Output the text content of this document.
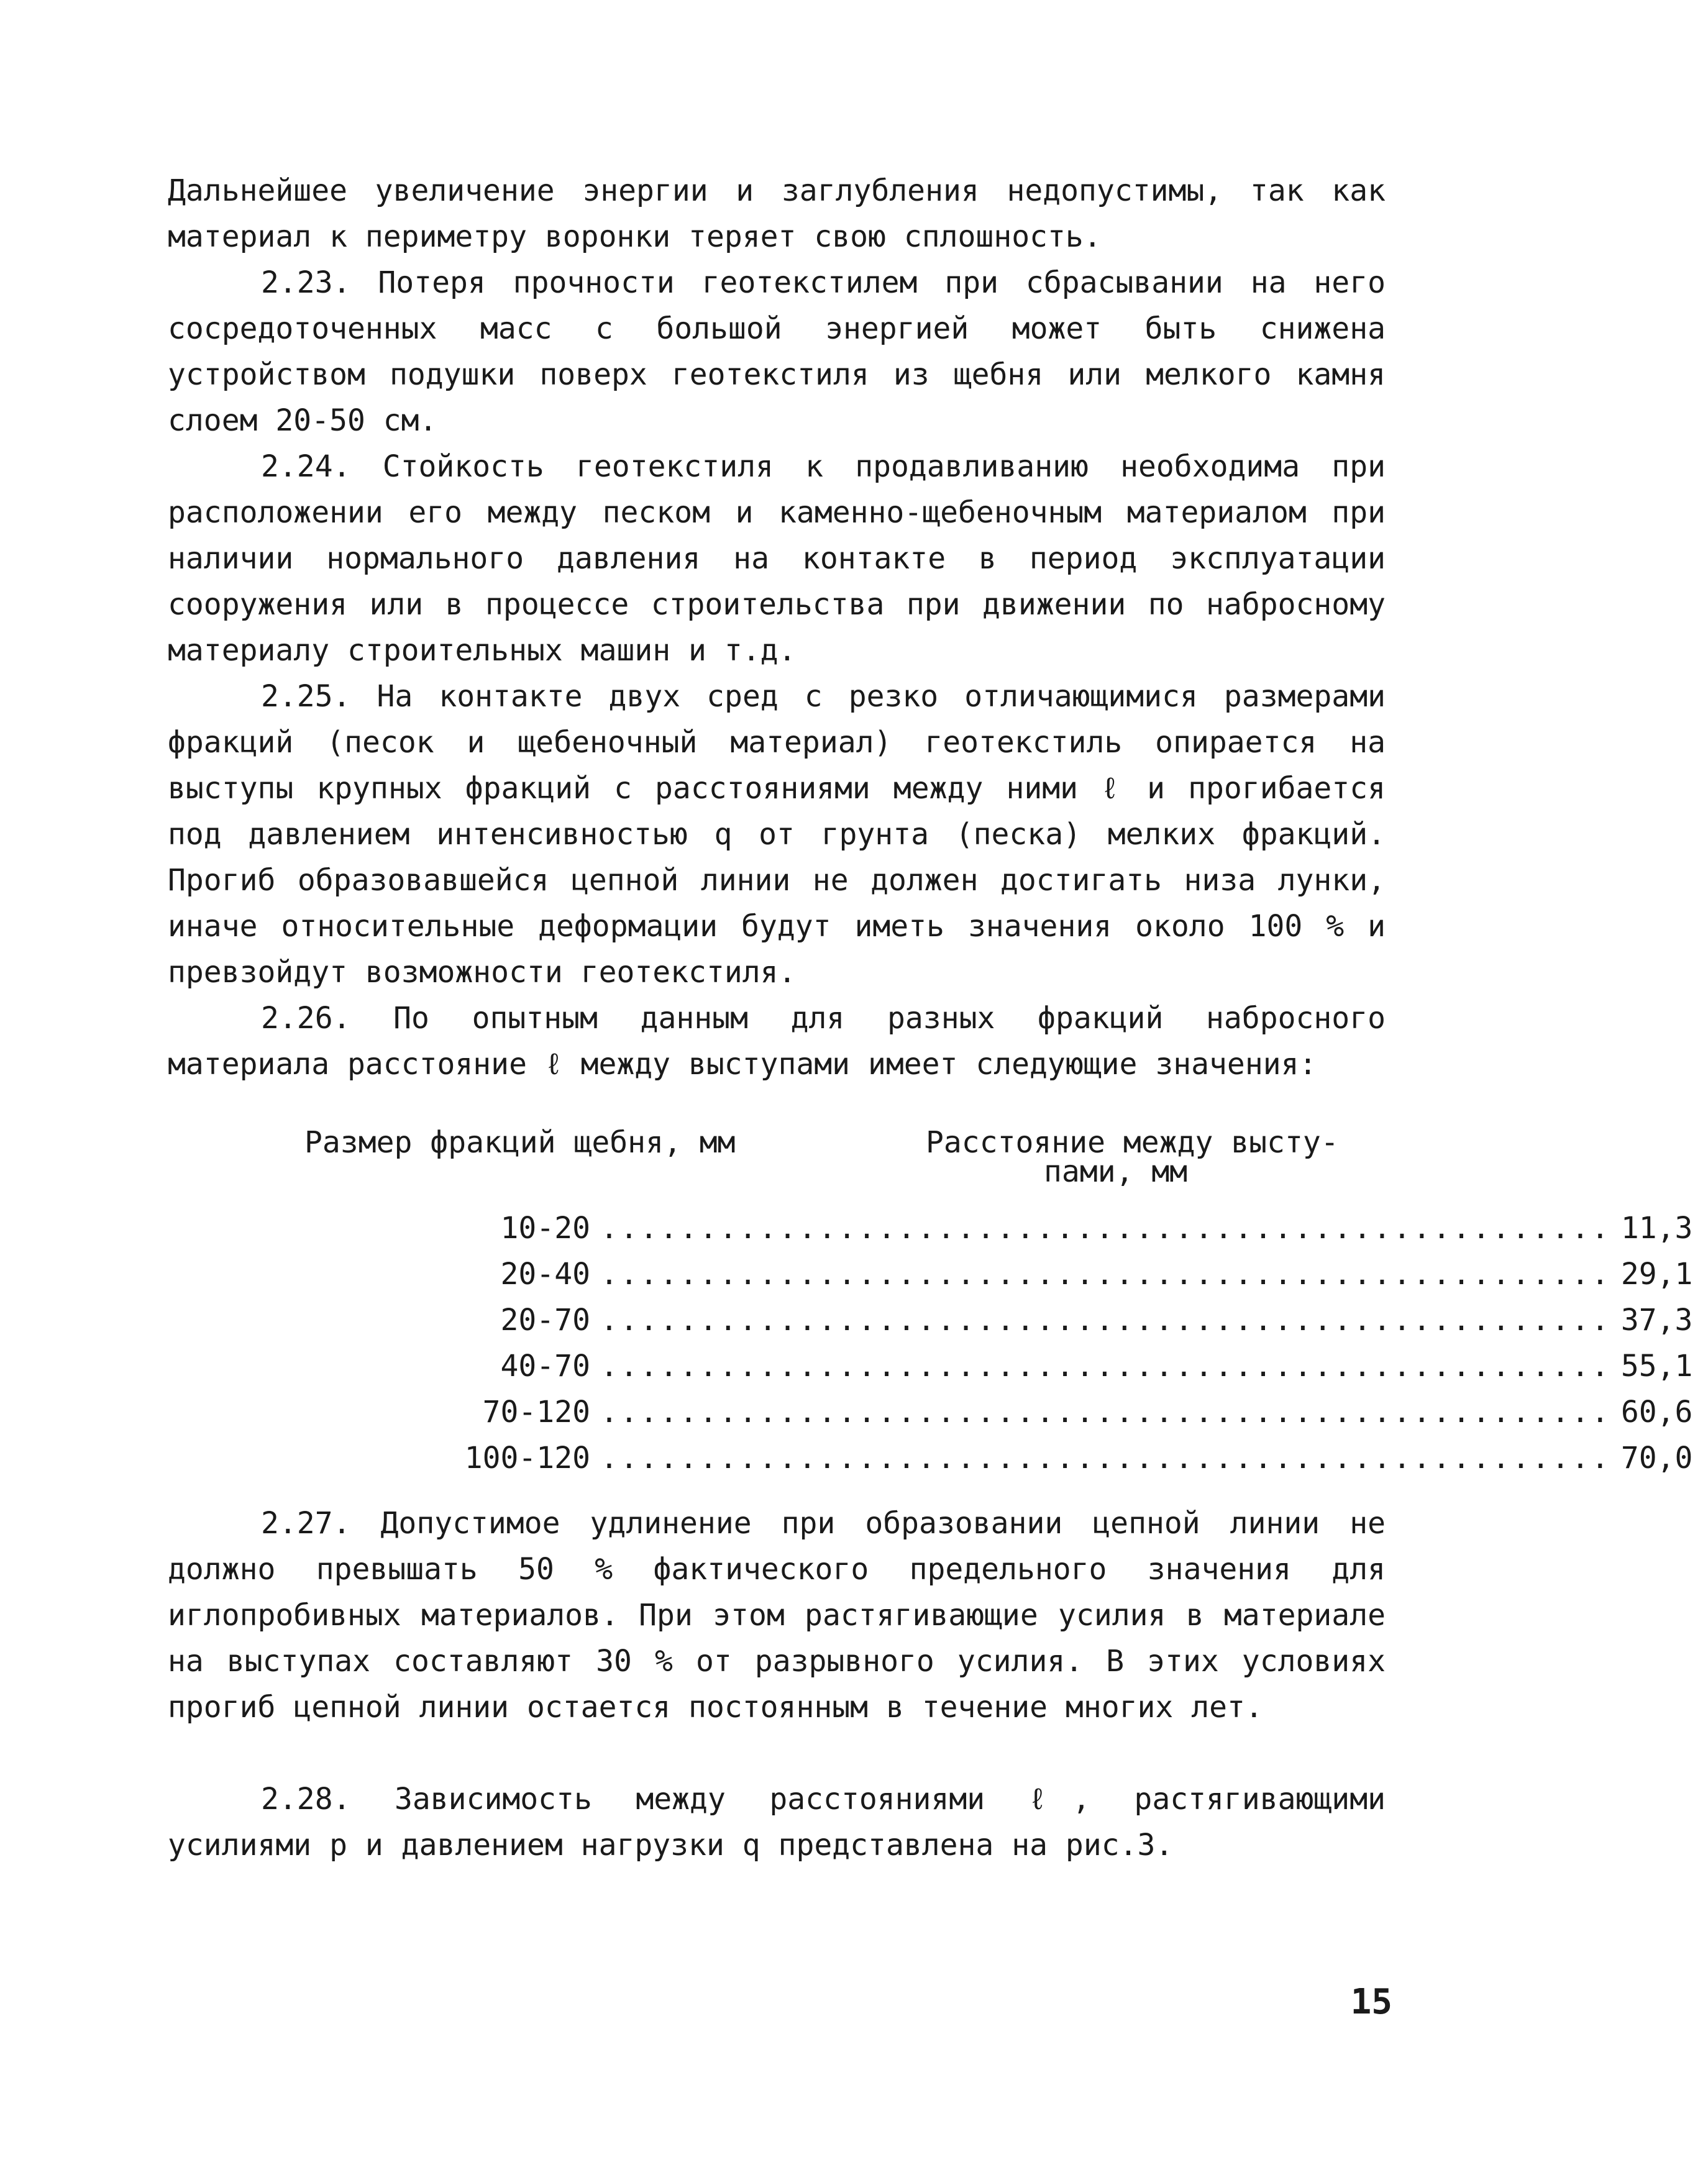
Дальнейшее увеличение энергии и заглубления недопустимы, так как материал к периметру воронки теряет свою сплошность.

2.23. Потеря прочности геотекстилем при сбрасывании на него сосредоточенных масс с большой энергией может быть снижена устройством подушки поверх геотекстиля из щебня или мелкого камня слоем 20-50 см.

2.24. Стойкость геотекстиля к продавливанию необходима при расположении его между песком и каменно-щебеночным материалом при наличии нормального давления на контакте в период эксплуатации сооружения или в процессе строительства при движении по набросному материалу строительных машин и т.д.

2.25. На контакте двух сред с резко отличающимися размерами фракций (песок и щебеночный материал) геотекстиль опирается на выступы крупных фракций с расстояниями между ними ℓ и прогибается под давлением интенсивностью q от грунта (песка) мелких фракций. Прогиб образовавшейся цепной линии не должен достигать низа лунки, иначе относительные деформации будут иметь значения около 100 % и превзойдут возможности геотекстиля.

2.26. По опытным данным для разных фракций набросного материала расстояние ℓ между выступами имеет следующие значения:

Размер фракций щебня, мм	Расстояние между высту-
пами, мм
10-20 ................................................... 11,3
20-40 ................................................... 29,1
20-70 ................................................... 37,3
40-70 ................................................... 55,1
70-120 ................................................... 60,6
100-120 ................................................... 70,0

2.27. Допустимое удлинение при образовании цепной линии не должно превышать 50 % фактического предельного значения для иглопробивных материалов. При этом растягивающие усилия в материале на выступах составляют 30 % от разрывного усилия. В этих условиях прогиб цепной линии остается постоянным в течение многих лет.

2.28. Зависимость между расстояниями ℓ, растягивающими усилиями р и давлением нагрузки q представлена на рис.3.

15
